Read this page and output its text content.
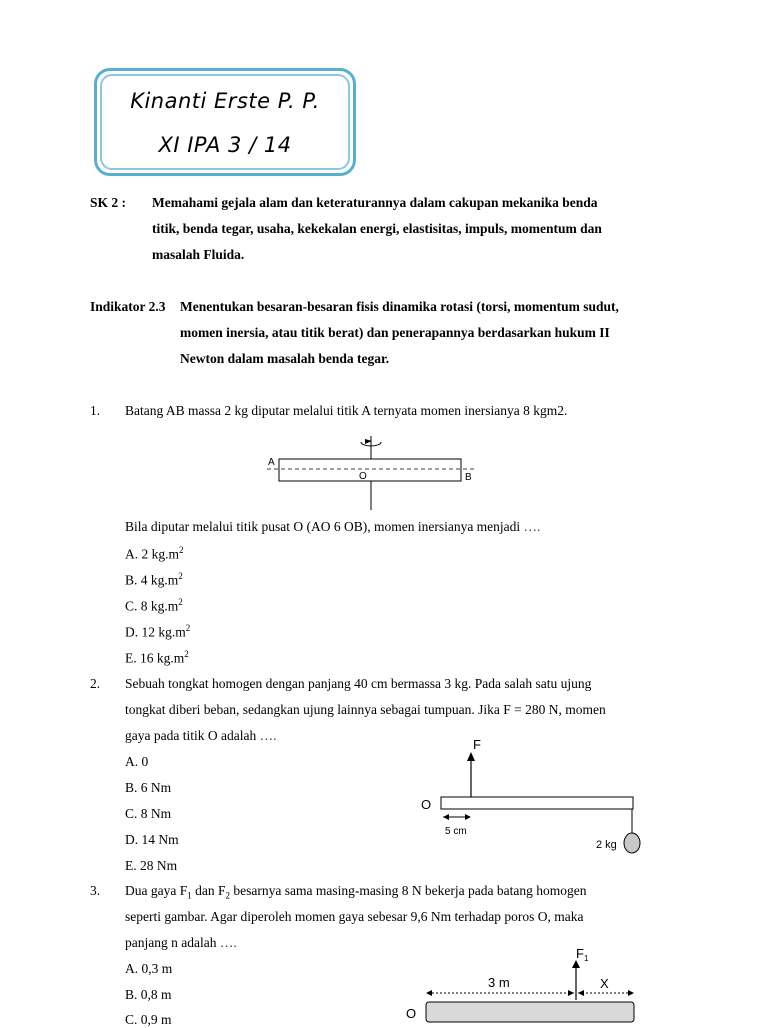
Kinanti Erste P. P.
XI IPA 3 / 14
SK 2 : Memahami gejala alam dan keteraturannya dalam cakupan mekanika benda
titik, benda tegar, usaha, kekekalan energi, elastisitas, impuls, momentum dan
masalah Fluida.
Indikator 2.3 Menentukan besaran-besaran fisis dinamika rotasi (torsi, momentum sudut,
momen inersia, atau titik berat) dan penerapannya berdasarkan hukum II
Newton dalam masalah benda tegar.
1. Batang AB massa 2 kg diputar melalui titik A ternyata momen inersianya 8 kgm2.
A
O	B
Bila diputar melalui titik pusat O (AO 6 OB), momen inersianya menjadi ….
A. 2 $kg.m^2$
B. 4 $kg.m^2$
C. 8 $kg.m^2$
D. 12 $kg.m^2$
E. 16 $kg.m^2$
2. Sebuah tongkat homogen dengan panjang 40 cm bermassa 3 kg. Pada salah satu ujung
tongkat diberi beban, sedangkan ujung lainnya sebagai tumpuan. Jika F = 280 N, momen
gaya pada titik O adalah ….
A. 0
B. 6 Nm
C. 8 Nm
D. 14 Nm
E. 28 Nm
F
O
5 cm
2 kg
3. Dua gaya $F_1$ dan $F_2$ besarnya sama masing-masing 8 N bekerja pada batang homogen
seperti gambar. Agar diperoleh momen gaya sebesar 9,6 Nm terhadap poros O, maka
panjang n adalah ….
A. 0,3 m
B. 0,8 m
C. 0,9 m
$F_1$
3 m	X
O
